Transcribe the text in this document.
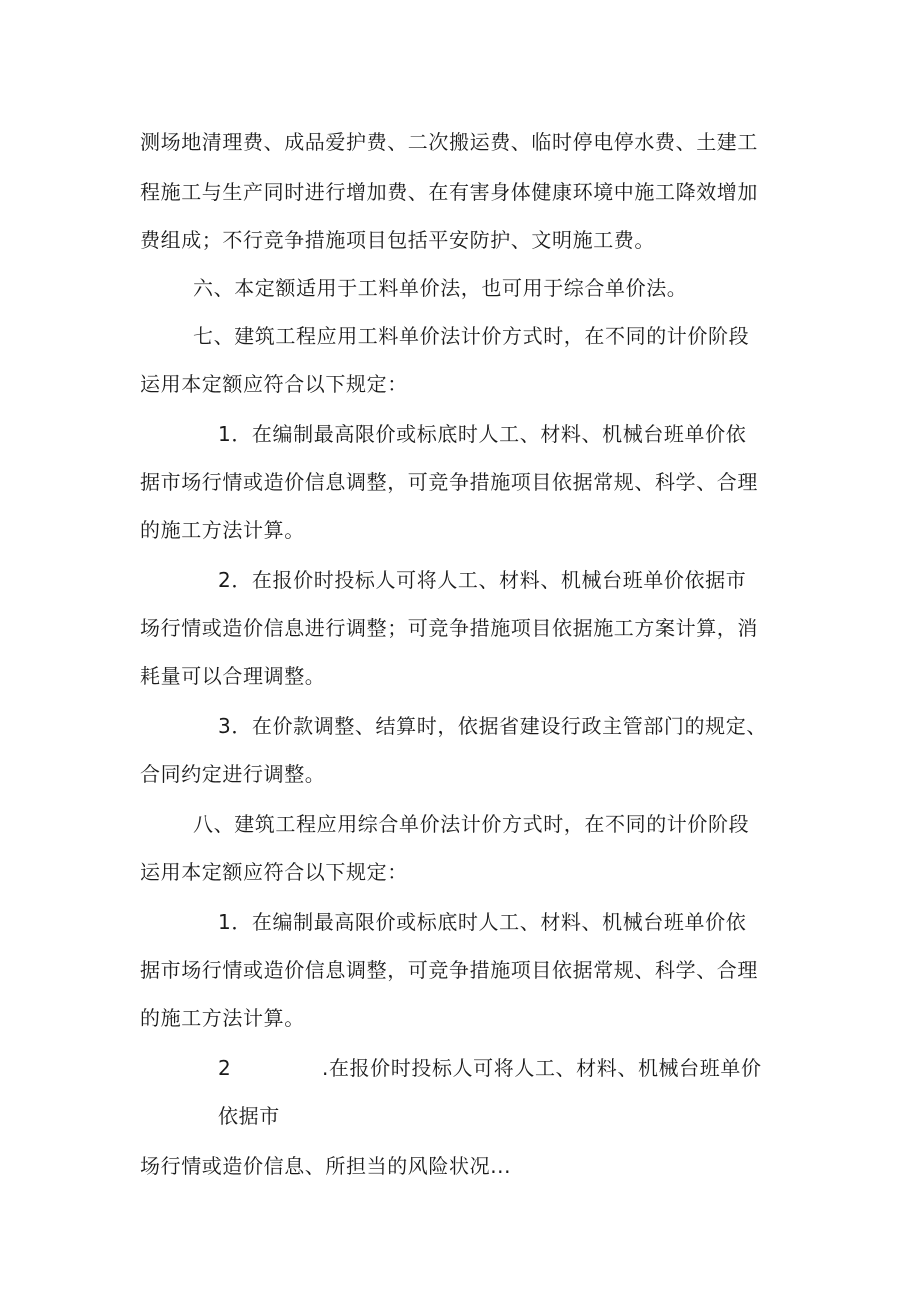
测场地清理费、成品爱护费、二次搬运费、临时停电停水费、土建工
程施工与生产同时进行增加费、在有害身体健康环境中施工降效增加
费组成；不行竞争措施项目包括平安防护、文明施工费。
六、本定额适用于工料单价法，也可用于综合单价法。
七、建筑工程应用工料单价法计价方式时，在不同的计价阶段
运用本定额应符合以下规定：
1．在编制最高限价或标底时人工、材料、机械台班单价依
据市场行情或造价信息调整，可竞争措施项目依据常规、科学、合理
的施工方法计算。
2．在报价时投标人可将人工、材料、机械台班单价依据市
场行情或造价信息进行调整；可竞争措施项目依据施工方案计算，消
耗量可以合理调整。
3．在价款调整、结算时，依据省建设行政主管部门的规定、
合同约定进行调整。
八、建筑工程应用综合单价法计价方式时，在不同的计价阶段
运用本定额应符合以下规定：
1．在编制最高限价或标底时人工、材料、机械台班单价依
据市场行情或造价信息调整，可竞争措施项目依据常规、科学、合理
的施工方法计算。
2	.在报价时投标人可将人工、材料、机械台班单价
依据市
场行情或造价信息、所担当的风险状况...
